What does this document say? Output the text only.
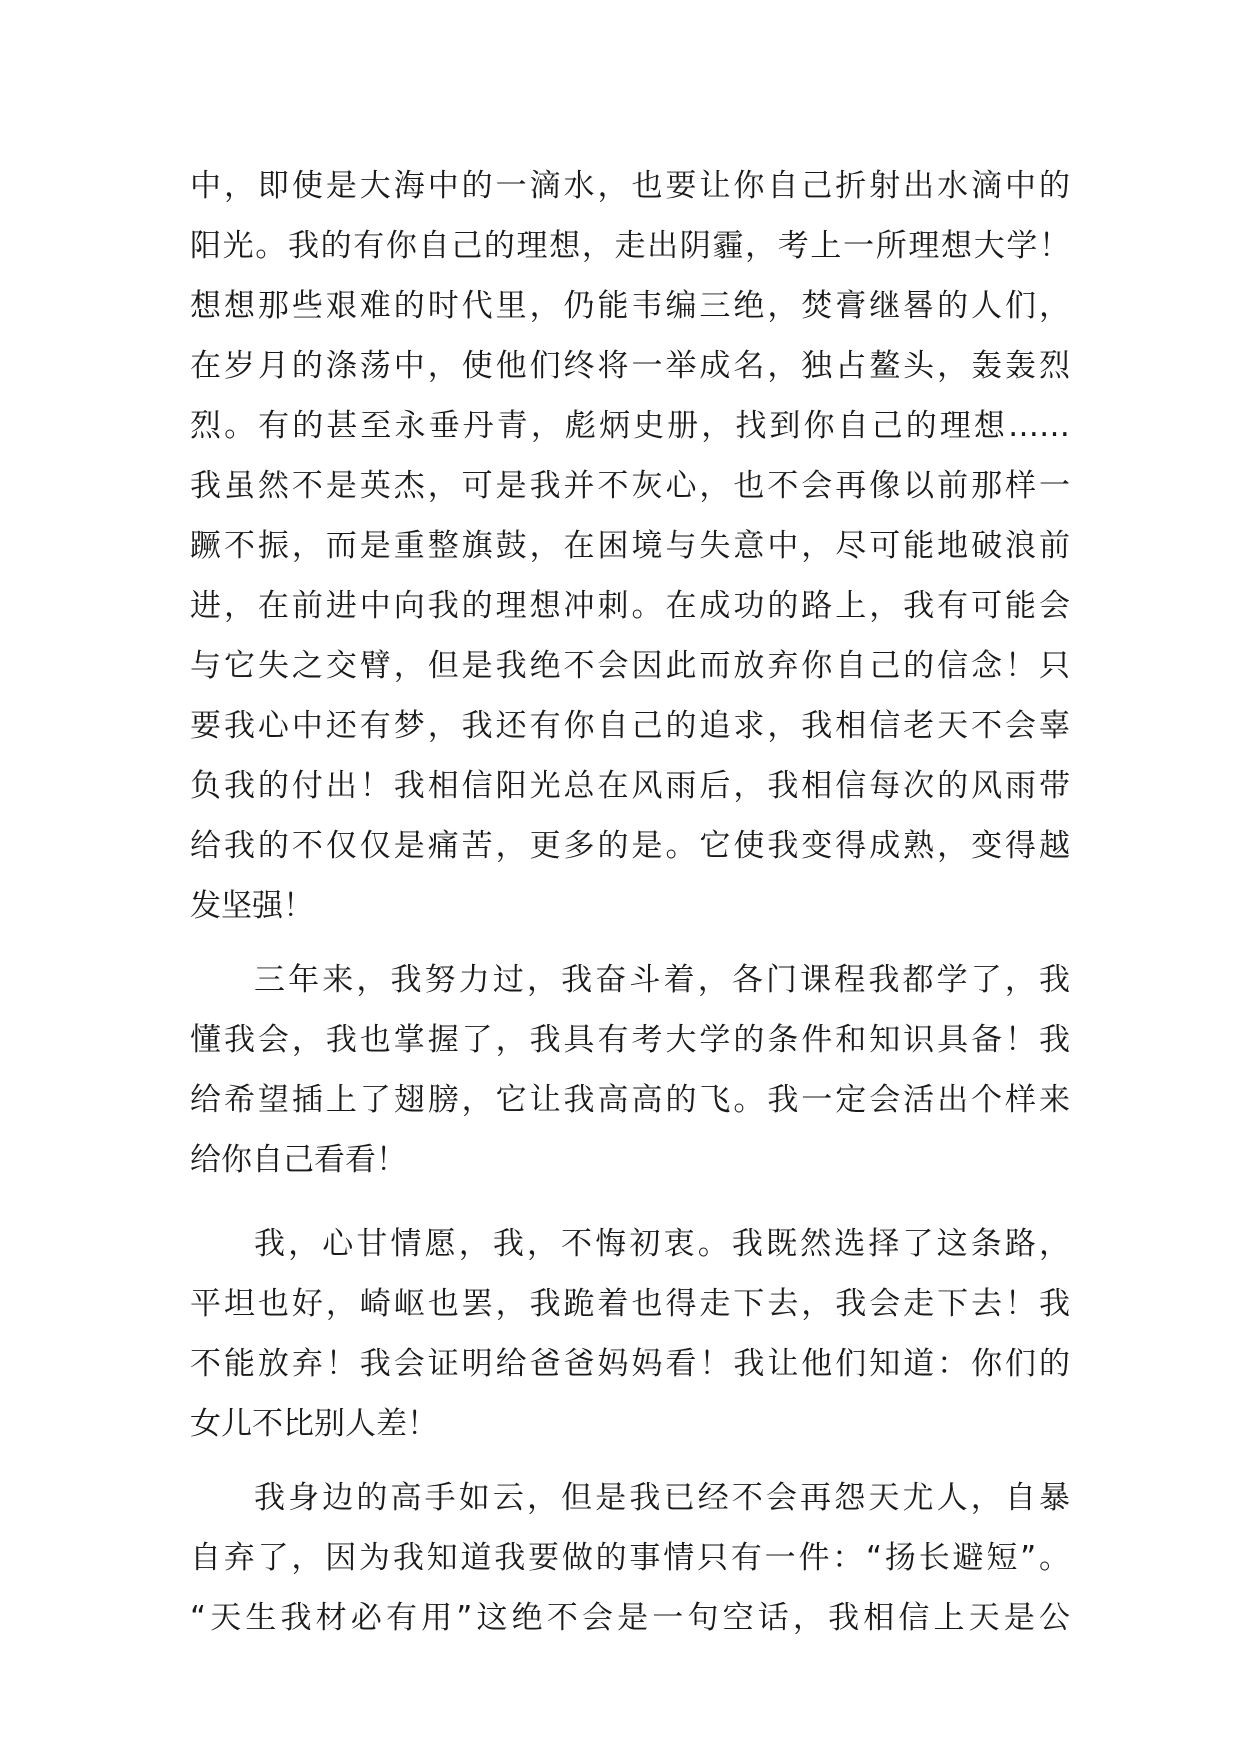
中，即使是大海中的一滴水，也要让你自己折射出水滴中的
阳光。我的有你自己的理想，走出阴霾，考上一所理想大学！
想想那些艰难的时代里，仍能韦编三绝，焚膏继晷的人们，
在岁月的涤荡中，使他们终将一举成名，独占鳌头，轰轰烈
烈。有的甚至永垂丹青，彪炳史册，找到你自己的理想……
我虽然不是英杰，可是我并不灰心，也不会再像以前那样一
蹶不振，而是重整旗鼓，在困境与失意中，尽可能地破浪前
进，在前进中向我的理想冲刺。在成功的路上，我有可能会
与它失之交臂，但是我绝不会因此而放弃你自己的信念！只
要我心中还有梦，我还有你自己的追求，我相信老天不会辜
负我的付出！我相信阳光总在风雨后，我相信每次的风雨带
给我的不仅仅是痛苦，更多的是。它使我变得成熟，变得越
发坚强！
三年来，我努力过，我奋斗着，各门课程我都学了，我
懂我会，我也掌握了，我具有考大学的条件和知识具备！我
给希望插上了翅膀，它让我高高的飞。我一定会活出个样来
给你自己看看！
我，心甘情愿，我，不悔初衷。我既然选择了这条路，
平坦也好，崎岖也罢，我跪着也得走下去，我会走下去！我
不能放弃！我会证明给爸爸妈妈看！我让他们知道：你们的
女儿不比别人差！
我身边的高手如云，但是我已经不会再怨天尤人，自暴
自弃了，因为我知道我要做的事情只有一件：“扬长避短”。
“天生我材必有用”这绝不会是一句空话，我相信上天是公
